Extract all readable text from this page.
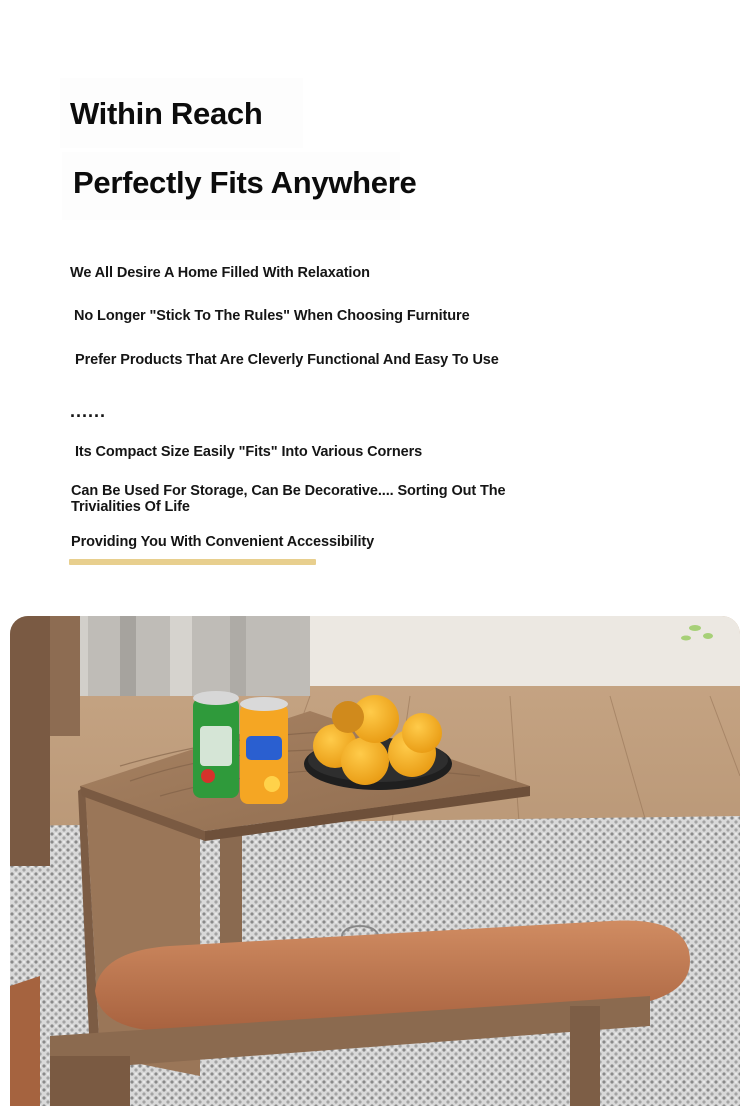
Within Reach
Perfectly Fits Anywhere
We All Desire A Home Filled With Relaxation
No Longer "Stick To The Rules" When Choosing Furniture
Prefer Products That Are Cleverly Functional And Easy To Use
......
Its Compact Size Easily "Fits" Into Various Corners
Can Be Used For Storage, Can Be Decorative.... Sorting Out The Trivialities Of Life
Providing You With Convenient Accessibility
